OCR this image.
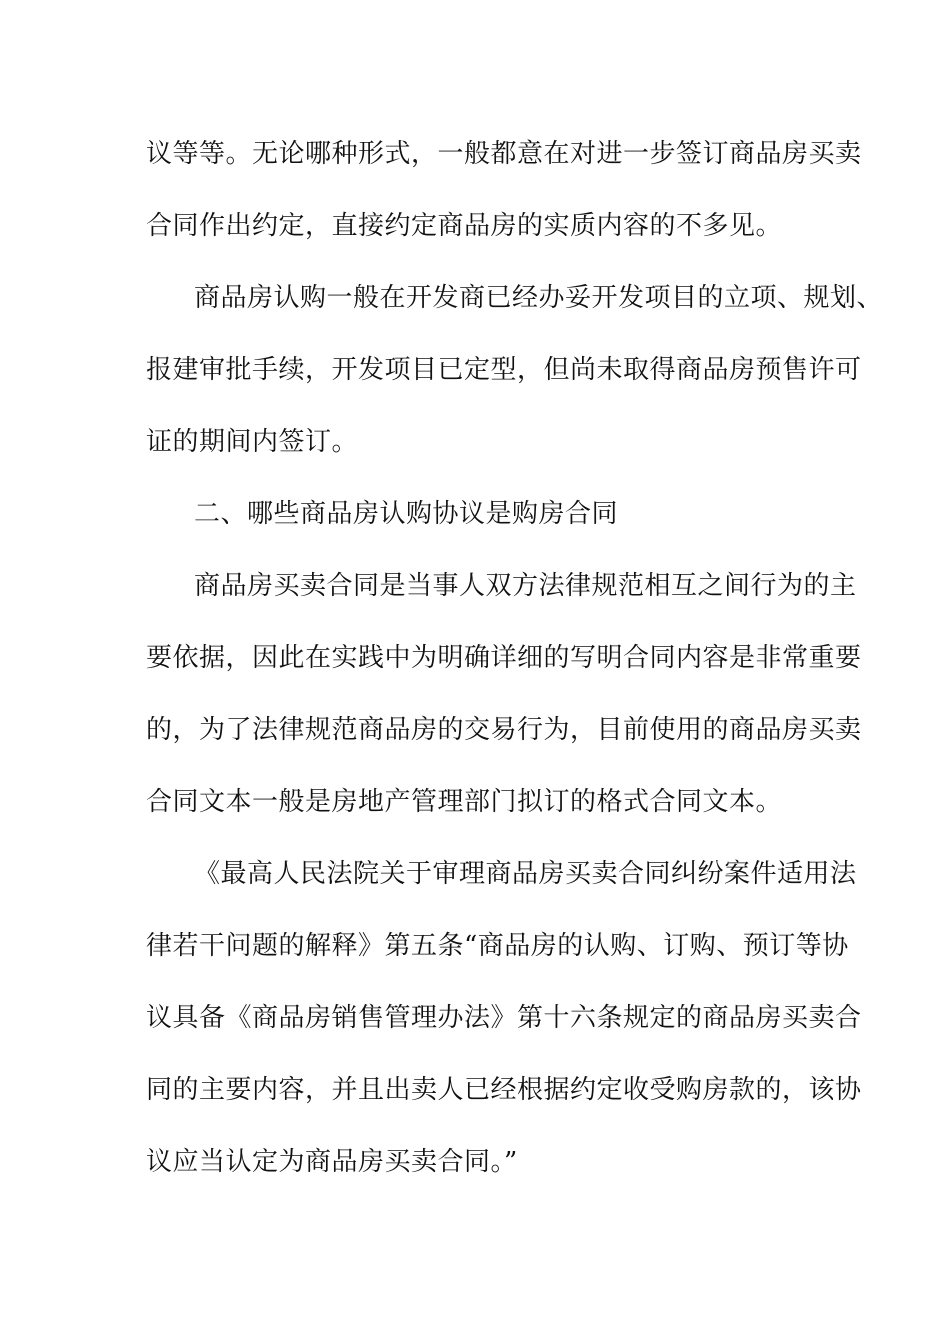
议等等。无论哪种形式，一般都意在对进一步签订商品房买卖
合同作出约定，直接约定商品房的实质内容的不多见。
商品房认购一般在开发商已经办妥开发项目的立项、规划、
报建审批手续，开发项目已定型，但尚未取得商品房预售许可
证的期间内签订。
二、哪些商品房认购协议是购房合同
商品房买卖合同是当事人双方法律规范相互之间行为的主
要依据，因此在实践中为明确详细的写明合同内容是非常重要
的，为了法律规范商品房的交易行为，目前使用的商品房买卖
合同文本一般是房地产管理部门拟订的格式合同文本。
《最高人民法院关于审理商品房买卖合同纠纷案件适用法
律若干问题的解释》第五条“商品房的认购、订购、预订等协
议具备《商品房销售管理办法》第十六条规定的商品房买卖合
同的主要内容，并且出卖人已经根据约定收受购房款的，该协
议应当认定为商品房买卖合同。”
